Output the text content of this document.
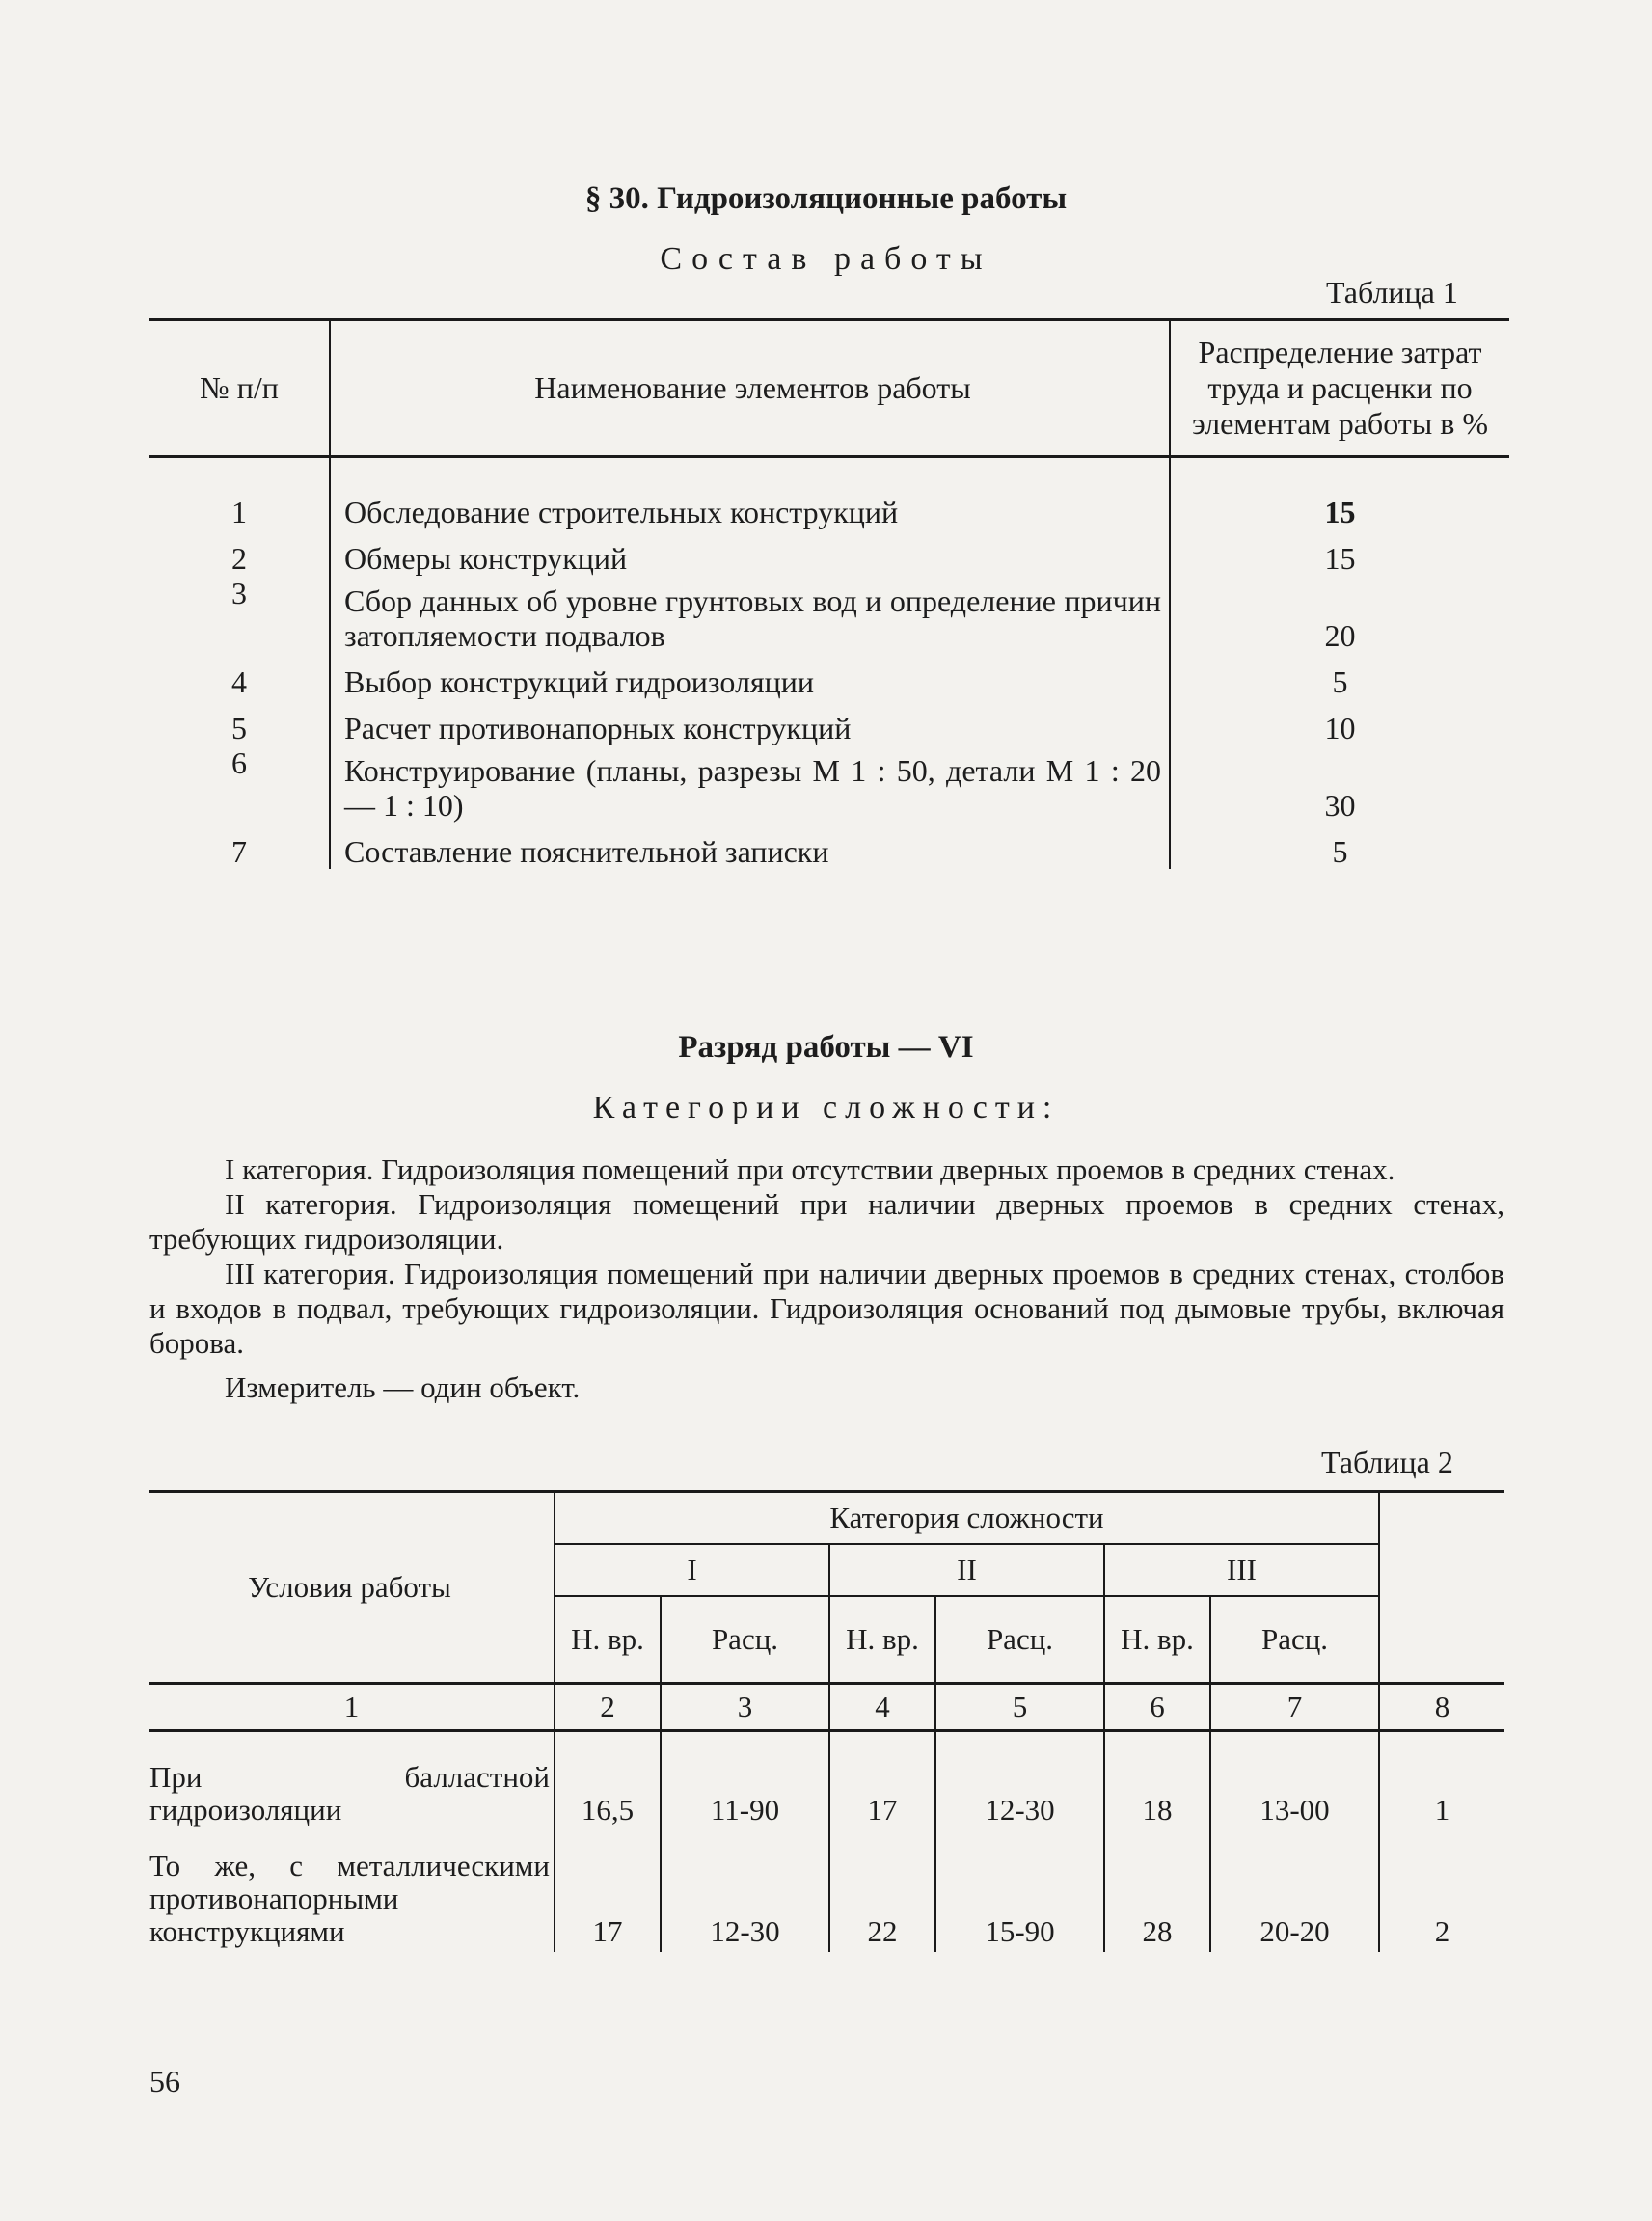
§ 30. Гидроизоляционные работы
Состав работы
Таблица 1
№ п/п	Наименование элементов работы	Распределение затрат труда и расценки по элементам работы в %
1	Обследование строительных конструкций	15
2	Обмеры конструкций	15
3	Сбор данных об уровне грунтовых вод и определение причин затопляемости подвалов	20
4	Выбор конструкций гидроизоляции	5
5	Расчет противонапорных конструкций	10
6	Конструирование (планы, разрезы М 1 : 50, детали М 1 : 20 — 1 : 10)	30
7	Составление пояснительной записки	5
Разряд работы — VI
Категории сложности:

I категория. Гидроизоляция помещений при отсутствии дверных проемов в средних стенах.

II категория. Гидроизоляция помещений при наличии дверных проемов в средних стенах, требующих гидроизоляции.

III категория. Гидроизоляция помещений при наличии дверных проемов в средних стенах, столбов и входов в подвал, требующих гидроизоляции. Гидроизоляция оснований под дымовые трубы, включая борова.

Измеритель — один объект.

Таблица 2
Условия работы	Категория сложности						
	I		II		III		
	Н. вр.	Расц.	Н. вр.	Расц.	Н. вр.	Расц.	
1	2	3	4	5	6	7	8

При балластной гидроизоляции	16,5	11-90	17	12-30	18	13-00	1

То же, с металлическими противонапорными конструкциями	17	12-30	22	15-90	28	20-20	2
56
